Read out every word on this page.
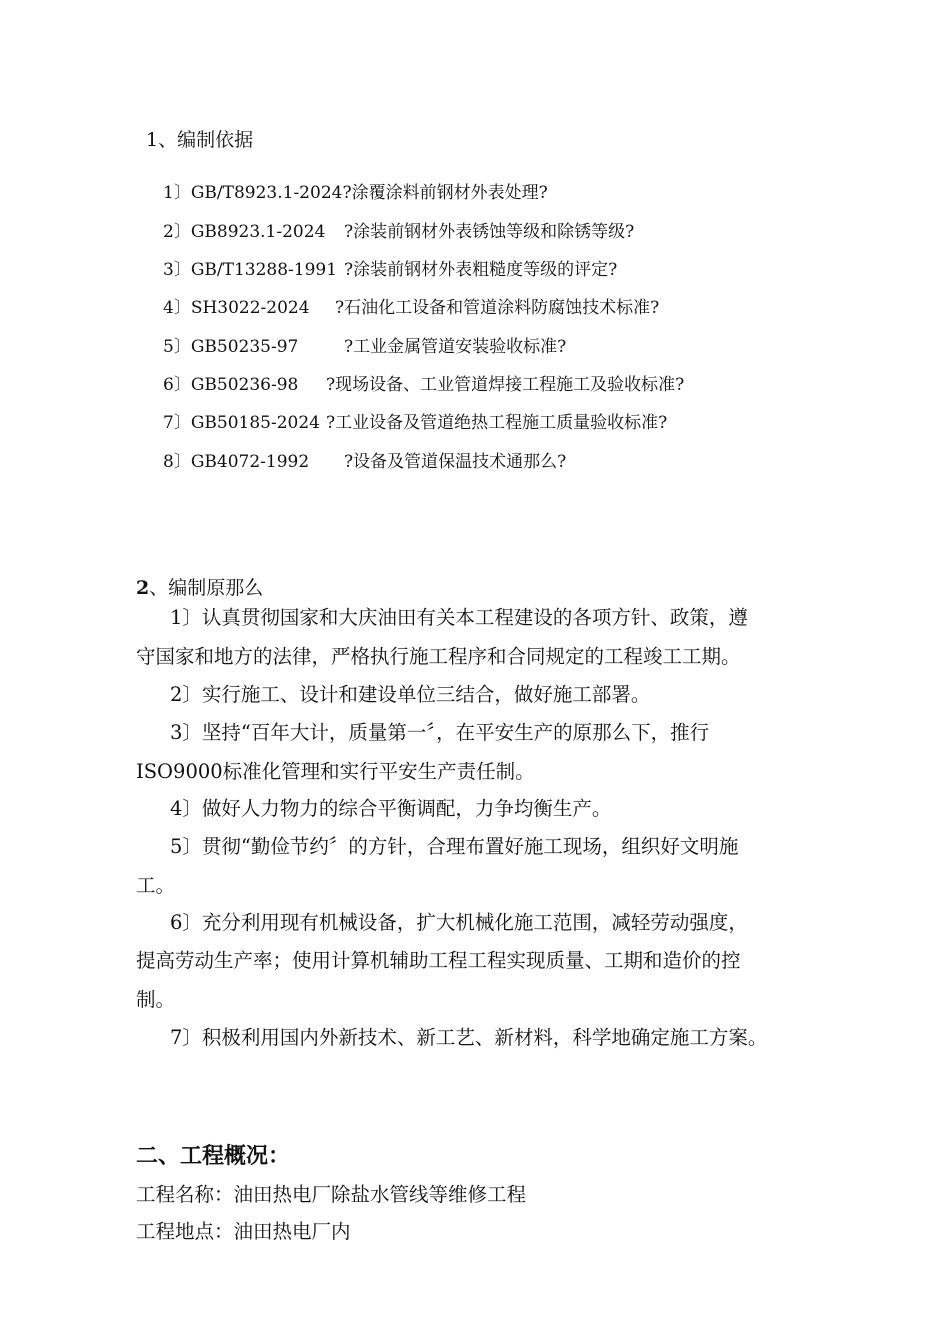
1、编制依据
1〕GB/T8923.1-2024?涂覆涂料前钢材外表处理?
2〕GB8923.1-2024 ?涂装前钢材外表锈蚀等级和除锈等级?
3〕GB/T13288-1991 ?涂装前钢材外表粗糙度等级的评定?
4〕SH3022-2024 ?石油化工设备和管道涂料防腐蚀技术标准?
5〕GB50235-97	?工业金属管道安装验收标准?
6〕GB50236-98 ?现场设备、工业管道焊接工程施工及验收标准?
7〕GB50185-2024 ?工业设备及管道绝热工程施工质量验收标准?
8〕GB4072-1992 ?设备及管道保温技术通那么?
2、编制原那么
1〕认真贯彻国家和大庆油田有关本工程建设的各项方针、政策，遵
守国家和地方的法律，严格执行施工程序和合同规定的工程竣工工期。
2〕实行施工、设计和建设单位三结合，做好施工部署。
3〕坚持“百年大计，质量第一〞，在平安生产的原那么下，推行
ISO9000标准化管理和实行平安生产责任制。
4〕做好人力物力的综合平衡调配，力争均衡生产。
5〕贯彻“勤俭节约〞的方针，合理布置好施工现场，组织好文明施
工。
6〕充分利用现有机械设备，扩大机械化施工范围，减轻劳动强度，
提高劳动生产率；使用计算机辅助工程工程实现质量、工期和造价的控
制。
7〕积极利用国内外新技术、新工艺、新材料，科学地确定施工方案。
二、工程概况：
工程名称：油田热电厂除盐水管线等维修工程
工程地点：油田热电厂内
